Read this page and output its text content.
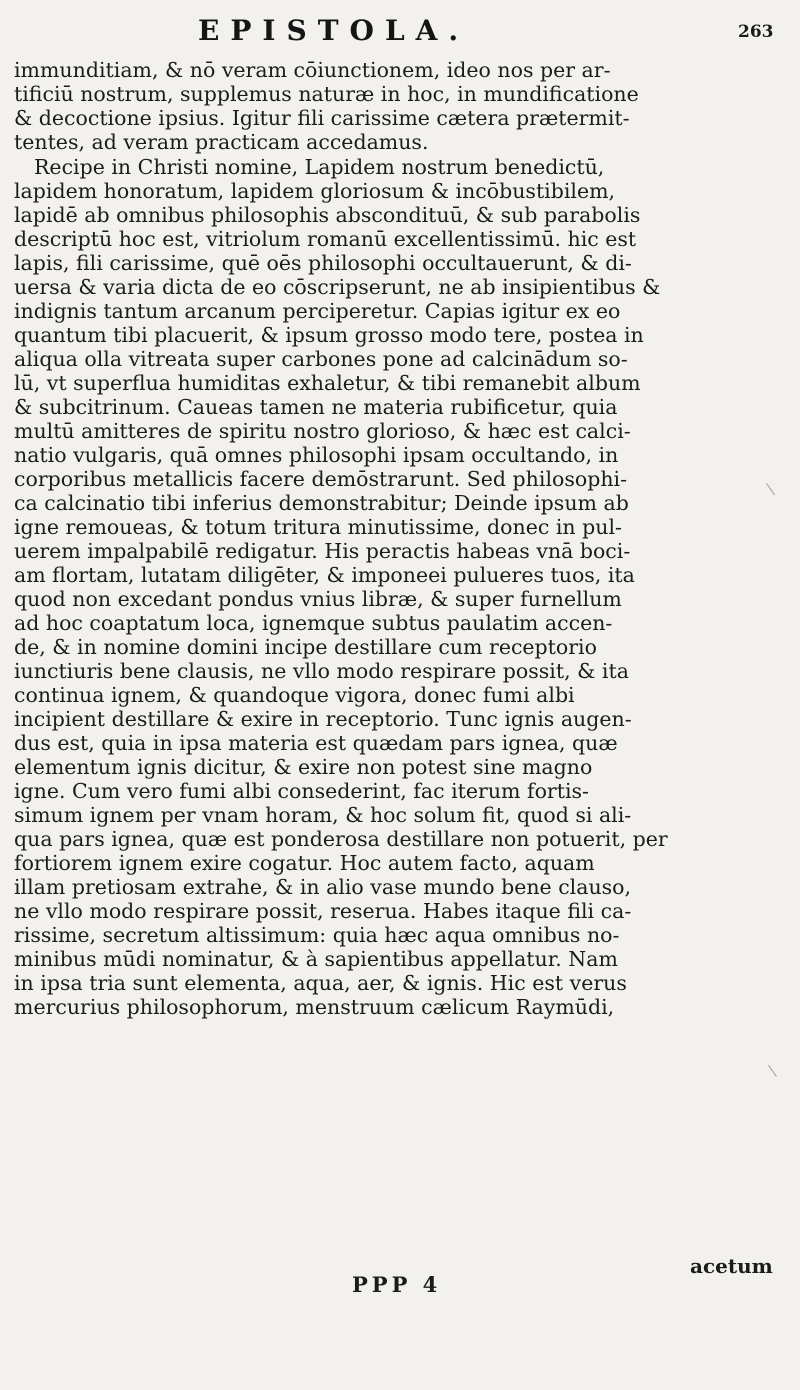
EPISTOLA.	263
immunditiam, & nō veram cōiunctionem, ideo nos per ar-
tificiū nostrum, supplemus naturæ in hoc, in mundificatione
& decoctione ipsius. Igitur fili carissime cætera prætermit-
tentes, ad veram practicam accedamus.
Recipe in Christi nomine, Lapidem nostrum benedictū,
lapidem honoratum, lapidem gloriosum & incōbustibilem,
lapidē ab omnibus philosophis abscondituū, & sub parabolis
descriptū hoc est, vitriolum romanū excellentissimū. hic est
lapis, fili carissime, quē oēs philosophi occultauerunt, & di-
uersa & varia dicta de eo cōscripserunt, ne ab insipientibus &
indignis tantum arcanum perciperetur. Capias igitur ex eo
quantum tibi placuerit, & ipsum grosso modo tere, postea in
aliqua olla vitreata super carbones pone ad calcinādum so-
lū, vt superflua humiditas exhaletur, & tibi remanebit album
& subcitrinum. Caueas tamen ne materia rubificetur, quia
multū amitteres de spiritu nostro glorioso, & hæc est calci-
natio vulgaris, quā omnes philosophi ipsam occultando, in
corporibus metallicis facere demōstrarunt. Sed philosophi-
ca calcinatio tibi inferius demonstrabitur; Deinde ipsum ab
igne remoueas, & totum tritura minutissime, donec in pul-
uerem impalpabilē redigatur. His peractis habeas vnā boci-
am flortam, lutatam diligēter, & imponeei pulueres tuos, ita
quod non excedant pondus vnius libræ, & super furnellum
ad hoc coaptatum loca, ignemque subtus paulatim accen-
de, & in nomine domini incipe destillare cum receptorio
iunctiuris bene clausis, ne vllo modo respirare possit, & ita
continua ignem, & quandoque vigora, donec fumi albi
incipient destillare & exire in receptorio. Tunc ignis augen-
dus est, quia in ipsa materia est quædam pars ignea, quæ
elementum ignis dicitur, & exire non potest sine magno
igne. Cum vero fumi albi consederint, fac iterum fortis-
simum ignem per vnam horam, & hoc solum fit, quod si ali-
qua pars ignea, quæ est ponderosa destillare non potuerit, per
fortiorem ignem exire cogatur. Hoc autem facto, aquam
illam pretiosam extrahe, & in alio vase mundo bene clauso,
ne vllo modo respirare possit, reserua. Habes itaque fili ca-
rissime, secretum altissimum: quia hæc aqua omnibus no-
minibus mūdi nominatur, & à sapientibus appellatur. Nam
in ipsa tria sunt elementa, aqua, aer, & ignis. Hic est verus
mercurius philosophorum, menstruum cælicum Raymūdi,
acetum
PPP 4
